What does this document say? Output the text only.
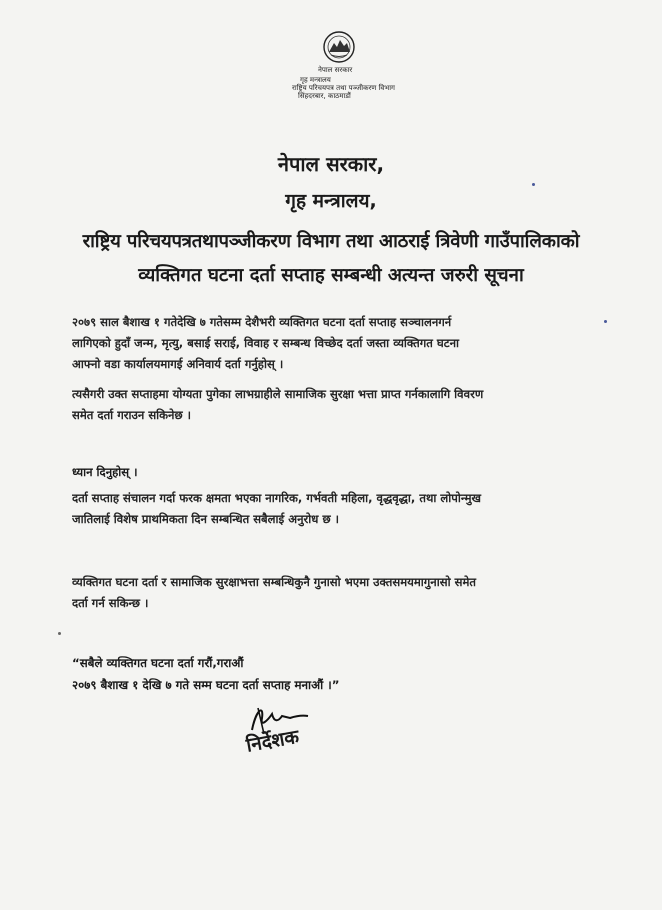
नेपाल सरकार
गृह मन्त्रालय
राष्ट्रिय परिचयपत्र तथा पञ्जीकरण विभाग
सिंहदरबार, काठमाडौं
नेपाल सरकार,
गृह मन्त्रालय,
राष्ट्रिय परिचयपत्रतथापञ्जीकरण विभाग तथा आठराई त्रिवेणी गाउँपालिकाको
व्यक्तिगत घटना दर्ता सप्ताह सम्बन्धी अत्यन्त जरुरी सूचना
२०७९ साल बैशाख १ गतेदेखि ७ गतेसम्म देशैभरी व्यक्तिगत घटना दर्ता सप्ताह सञ्चालनगर्न
लागिएको हुदाँ जन्म, मृत्यु, बसाई सराई, विवाह र सम्बन्ध विच्छेद दर्ता जस्ता व्यक्तिगत घटना
आफ्नो वडा कार्यालयमागई अनिवार्य दर्ता गर्नुहोस् ।
त्यसैगरी उक्त सप्ताहमा योग्यता पुगेका लाभग्राहीले सामाजिक सुरक्षा भत्ता प्राप्त गर्नकालागि विवरण
समेत दर्ता गराउन सकिनेछ ।
ध्यान दिनुहोस् ।
दर्ता सप्ताह संचालन गर्दा फरक क्षमता भएका नागरिक, गर्भवती महिला, वृद्धवृद्धा, तथा लोपोन्मुख
जातिलाई विशेष प्राथमिकता दिन सम्बन्धित सबैलाई अनुरोध छ ।
व्यक्तिगत घटना दर्ता र सामाजिक सुरक्षाभत्ता सम्बन्धिकुनै गुनासो भएमा उक्तसमयमागुनासो समेत
दर्ता गर्न सकिन्छ ।
“सबैले व्यक्तिगत घटना दर्ता गरौं,गराऔं
२०७९ बैशाख १ देखि ७ गते सम्म घटना दर्ता सप्ताह मनाऔं ।”
निर्देशक
